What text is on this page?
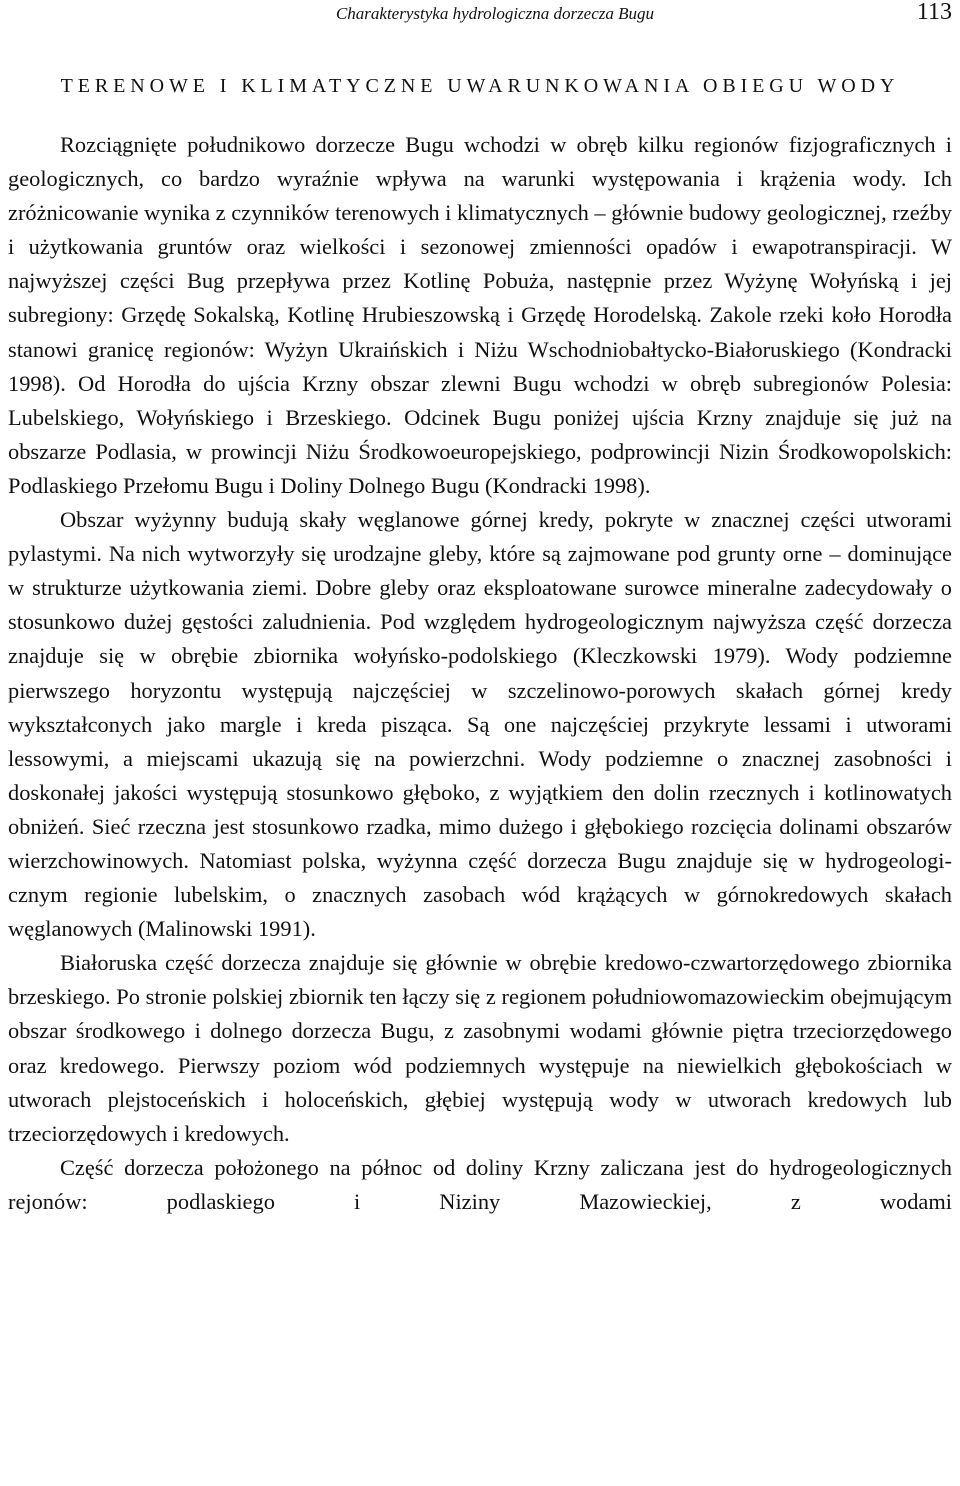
Charakterystyka hydrologiczna dorzecza Bugu	113
TERENOWE I KLIMATYCZNE UWARUNKOWANIA OBIEGU WODY

Rozciągnięte południkowo dorzecze Bugu wchodzi w obręb kilku regionów fizjograficznych i geologicznych, co bardzo wyraźnie wpływa na warunki występowania i krążenia wody. Ich zróżnicowanie wynika z czynników terenowych i klimatycznych – głównie budowy geologicznej, rzeźby i użytkowania gruntów oraz wielkości i sezonowej zmienności opadów i ewapotranspiracji. W najwyższej części Bug przepływa przez Kotlinę Pobuża, następnie przez Wyżynę Wołyńską i jej subregiony: Grzędę Sokalską, Kotlinę Hrubieszowską i Grzędę Horodelską. Zakole rzeki koło Horodła stanowi granicę regionów: Wyżyn Ukraińskich i Niżu Wschodniobałtycko-Białoruskiego (Kondracki 1998). Od Horodła do ujścia Krzny obszar zlewni Bugu wchodzi w obręb subregionów Polesia: Lubelskiego, Wołyńskiego i Brzeskiego. Odcinek Bugu poniżej ujścia Krzny znajduje się już na obszarze Podlasia, w prowincji Niżu Środkowoeuropejskiego, podprowincji Nizin Środkowopolskich: Podlaskiego Przełomu Bugu i Doliny Dolnego Bugu (Kondracki 1998).

Obszar wyżynny budują skały węglanowe górnej kredy, pokryte w znacznej części utworami pylastymi. Na nich wytworzyły się urodzajne gleby, które są zajmowane pod grunty orne – dominujące w strukturze użytkowania ziemi. Dobre gleby oraz eksploatowane surowce mineralne zadecydowały o stosunkowo dużej gęstości zaludnienia. Pod względem hydrogeologicznym najwyższa część dorzecza znajduje się w obrębie zbiornika wołyńsko-podolskiego (Kleczkowski 1979). Wody podziemne pierwszego horyzontu występują najczęściej w szczelinowo-porowych skałach górnej kredy wykształconych jako margle i kreda pisząca. Są one najczęściej przykryte lessami i utworami lessowymi, a miejscami ukazują się na powierzchni. Wody podziemne o znacznej zasobności i doskonałej jakości występują stosunkowo głęboko, z wyjątkiem den dolin rzecznych i kotlinowatych obniżeń. Sieć rzeczna jest stosunkowo rzadka, mimo dużego i głębokiego rozcięcia dolinami obszarów wierzchowinowych. Natomiast polska, wyżynna część dorzecza Bugu znajduje się w hydrogeologicznym regionie lubelskim, o znacznych zasobach wód krążących w górnokredowych skałach węglanowych (Malinowski 1991).

Białoruska część dorzecza znajduje się głównie w obrębie kredowo-czwartorzędowego zbiornika brzeskiego. Po stronie polskiej zbiornik ten łączy się z regionem południowomazowieckim obejmującym obszar środkowego i dolnego dorzecza Bugu, z zasobnymi wodami głównie piętra trzeciorzędowego oraz kredowego. Pierwszy poziom wód podziemnych występuje na niewielkich głębokościach w utworach plejstoceńskich i holoceńskich, głębiej występują wody w utworach kredowych lub trzeciorzędowych i kredowych.

Część dorzecza położonego na północ od doliny Krzny zaliczana jest do hydrogeologicznych rejonów: podlaskiego i Niziny Mazowieckiej, z wodami
